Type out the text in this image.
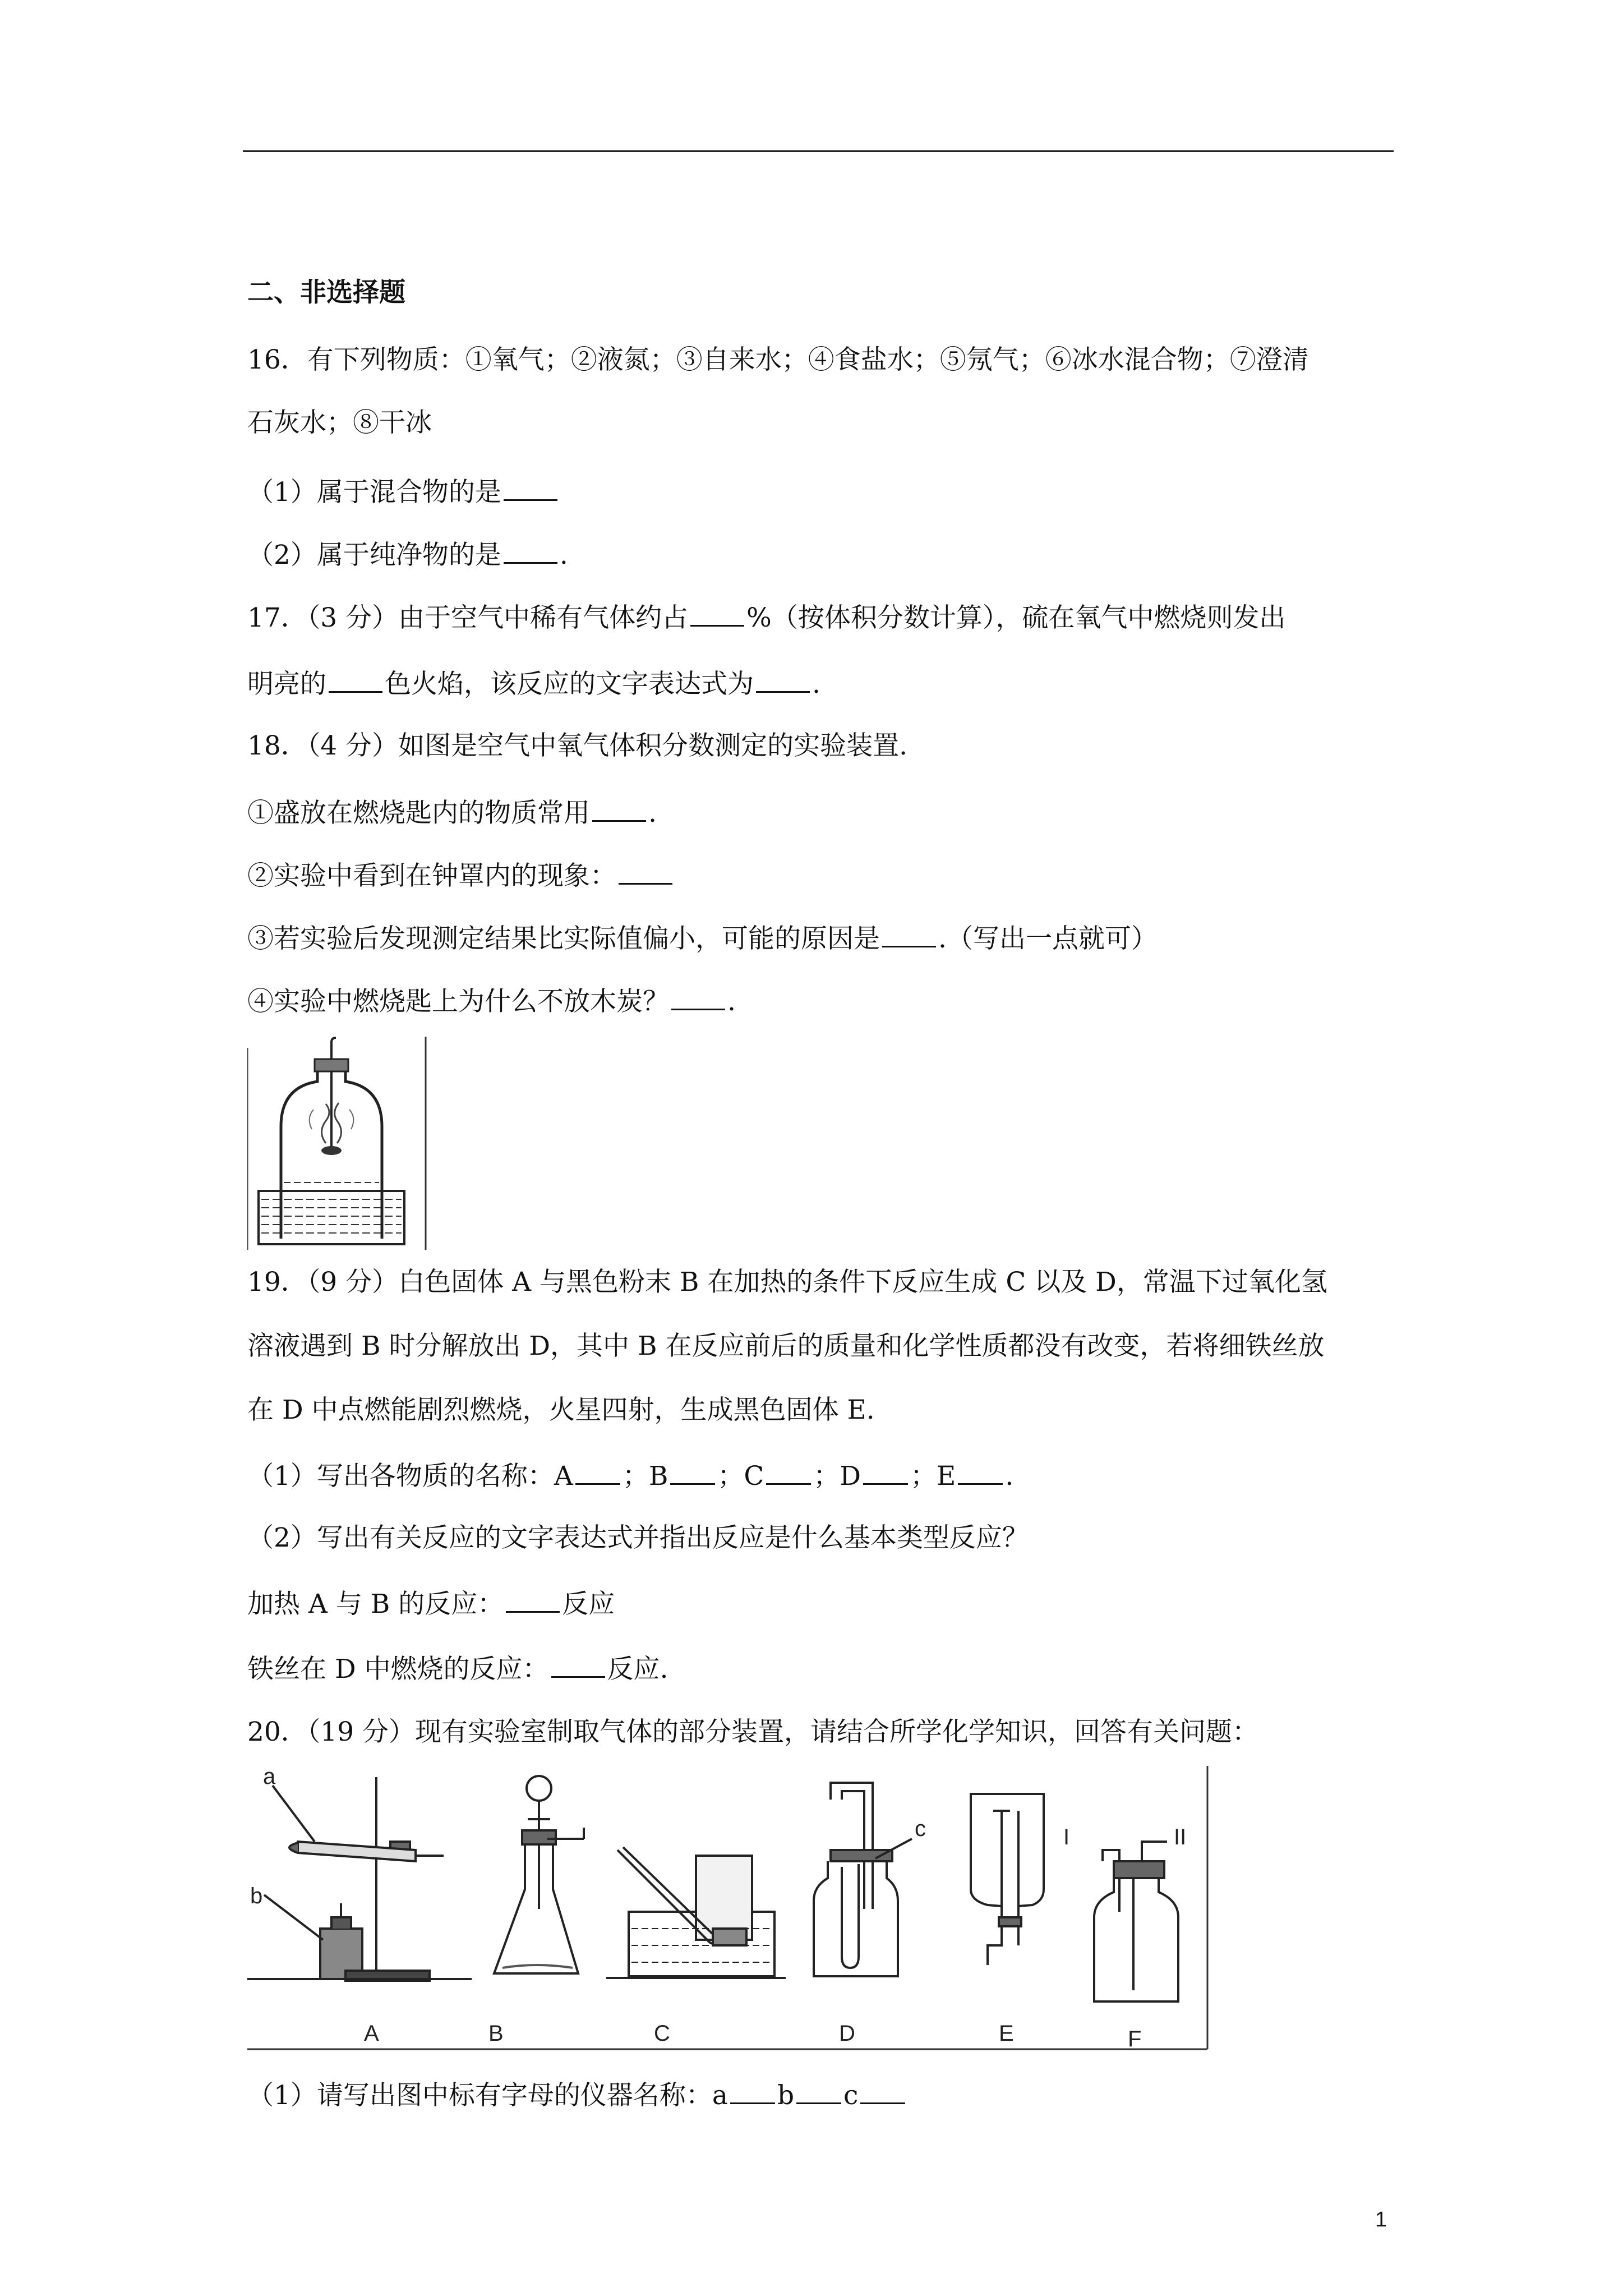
二、非选择题
16．有下列物质：①氧气；②液氮；③自来水；④食盐水；⑤氖气；⑥冰水混合物；⑦澄清
石灰水；⑧干冰
（1）属于混合物的是
（2）属于纯净物的是 .
17．（3 分）由于空气中稀有气体约占 %（按体积分数计算），硫在氧气中燃烧则发出
明亮的 色火焰，该反应的文字表达式为 .
18．（4 分）如图是空气中氧气体积分数测定的实验装置.
①盛放在燃烧匙内的物质常用 .
②实验中看到在钟罩内的现象：
③若实验后发现测定结果比实际值偏小，可能的原因是 .（写出一点就可）
④实验中燃烧匙上为什么不放木炭？ .
19．（9 分）白色固体 A 与黑色粉末 B 在加热的条件下反应生成 C 以及 D，常温下过氧化氢
溶液遇到 B 时分解放出 D，其中 B 在反应前后的质量和化学性质都没有改变，若将细铁丝放
在 D 中点燃能剧烈燃烧，火星四射，生成黑色固体 E.
（1）写出各物质的名称：A ；B ；C ；D ；E .
（2）写出有关反应的文字表达式并指出反应是什么基本类型反应？
加热 A 与 B 的反应： 反应
铁丝在 D 中燃烧的反应： 反应.
20．（19 分）现有实验室制取气体的部分装置，请结合所学化学知识，回答有关问题：
a
b
A	B	C
c
D	E
I	II
F
（1）请写出图中标有字母的仪器名称：a b c
1
